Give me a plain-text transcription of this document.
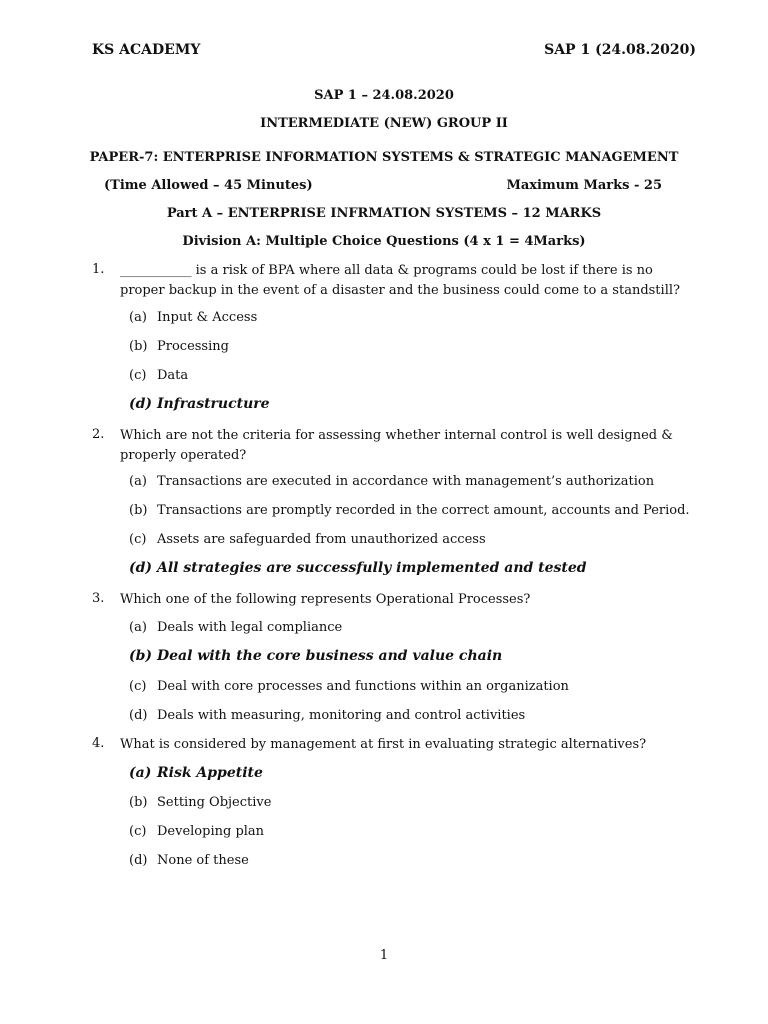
KS ACADEMY	SAP 1 (24.08.2020)
SAP 1 – 24.08.2020
INTERMEDIATE (NEW) GROUP II
PAPER-7: ENTERPRISE INFORMATION SYSTEMS & STRATEGIC MANAGEMENT
(Time Allowed – 45 Minutes)	Maximum Marks - 25
Part A – ENTERPRISE INFRMATION SYSTEMS – 12 MARKS
Division A: Multiple Choice Questions (4 x 1 = 4Marks)
1. ___________ is a risk of BPA where all data & programs could be lost if there is no
proper backup in the event of a disaster and the business could come to a standstill?
(a) Input & Access
(b) Processing
(c) Data
(d) Infrastructure
2. Which are not the criteria for assessing whether internal control is well designed &
properly operated?
(a) Transactions are executed in accordance with management’s authorization
(b) Transactions are promptly recorded in the correct amount, accounts and Period.
(c) Assets are safeguarded from unauthorized access
(d) All strategies are successfully implemented and tested
3. Which one of the following represents Operational Processes?
(a) Deals with legal compliance
(b) Deal with the core business and value chain
(c) Deal with core processes and functions within an organization
(d) Deals with measuring, monitoring and control activities
4. What is considered by management at first in evaluating strategic alternatives?
(a) Risk Appetite
(b) Setting Objective
(c) Developing plan
(d) None of these
1
